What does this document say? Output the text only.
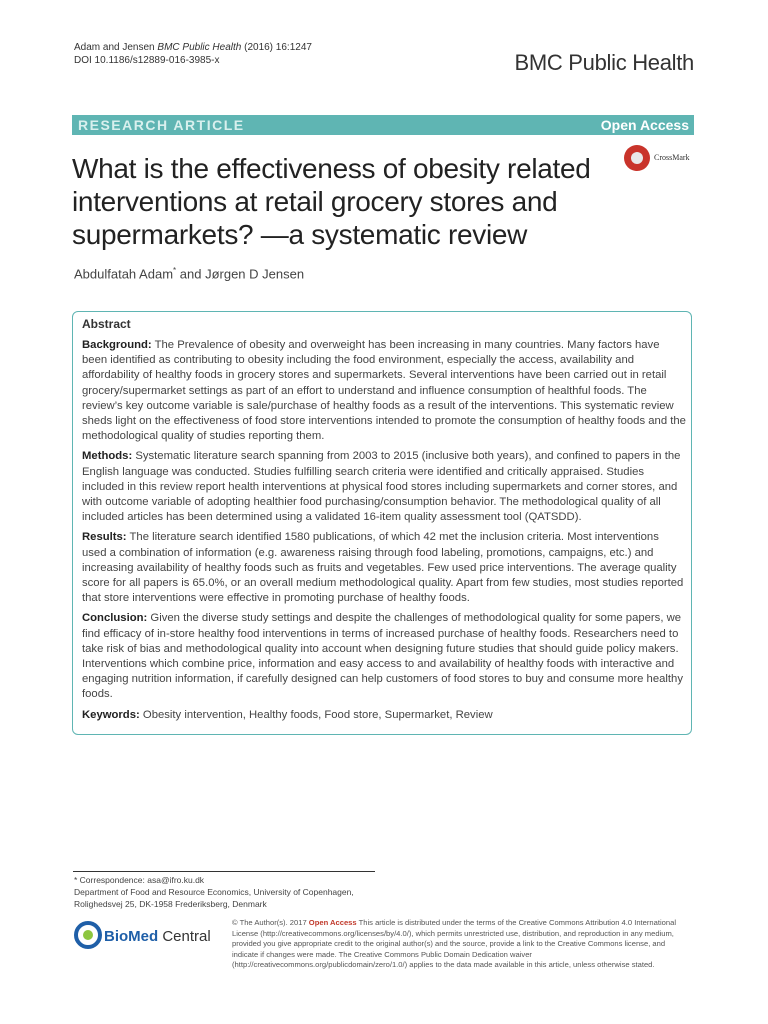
Adam and Jensen BMC Public Health (2016) 16:1247
DOI 10.1186/s12889-016-3985-x	BMC Public Health
RESEARCH ARTICLE	Open Access
What is the effectiveness of obesity related interventions at retail grocery stores and supermarkets? —a systematic review
CrossMark
Abdulfatah Adam* and Jørgen D Jensen
Abstract

Background: The Prevalence of obesity and overweight has been increasing in many countries. Many factors have been identified as contributing to obesity including the food environment, especially the access, availability and affordability of healthy foods in grocery stores and supermarkets. Several interventions have been carried out in retail grocery/supermarket settings as part of an effort to understand and influence consumption of healthful foods. The review’s key outcome variable is sale/purchase of healthy foods as a result of the interventions. This systematic review sheds light on the effectiveness of food store interventions intended to promote the consumption of healthy foods and the methodological quality of studies reporting them.

Methods: Systematic literature search spanning from 2003 to 2015 (inclusive both years), and confined to papers in the English language was conducted. Studies fulfilling search criteria were identified and critically appraised. Studies included in this review report health interventions at physical food stores including supermarkets and corner stores, and with outcome variable of adopting healthier food purchasing/consumption behavior. The methodological quality of all included articles has been determined using a validated 16-item quality assessment tool (QATSDD).

Results: The literature search identified 1580 publications, of which 42 met the inclusion criteria. Most interventions used a combination of information (e.g. awareness raising through food labeling, promotions, campaigns, etc.) and increasing availability of healthy foods such as fruits and vegetables. Few used price interventions. The average quality score for all papers is 65.0%, or an overall medium methodological quality. Apart from few studies, most studies reported that store interventions were effective in promoting purchase of healthy foods.

Conclusion: Given the diverse study settings and despite the challenges of methodological quality for some papers, we find efficacy of in-store healthy food interventions in terms of increased purchase of healthy foods. Researchers need to take risk of bias and methodological quality into account when designing future studies that should guide policy makers. Interventions which combine price, information and easy access to and availability of healthy foods with interactive and engaging nutrition information, if carefully designed can help customers of food stores to buy and consume more healthy foods.

Keywords: Obesity intervention, Healthy foods, Food store, Supermarket, Review

* Correspondence: asa@ifro.ku.dk
Department of Food and Resource Economics, University of Copenhagen,
Rolighedsvej 25, DK-1958 Frederiksberg, Denmark
BioMed Central
© The Author(s). 2017 Open Access This article is distributed under the terms of the Creative Commons Attribution 4.0 International License (http://creativecommons.org/licenses/by/4.0/), which permits unrestricted use, distribution, and reproduction in any medium, provided you give appropriate credit to the original author(s) and the source, provide a link to the Creative Commons license, and indicate if changes were made. The Creative Commons Public Domain Dedication waiver (http://creativecommons.org/publicdomain/zero/1.0/) applies to the data made available in this article, unless otherwise stated.
